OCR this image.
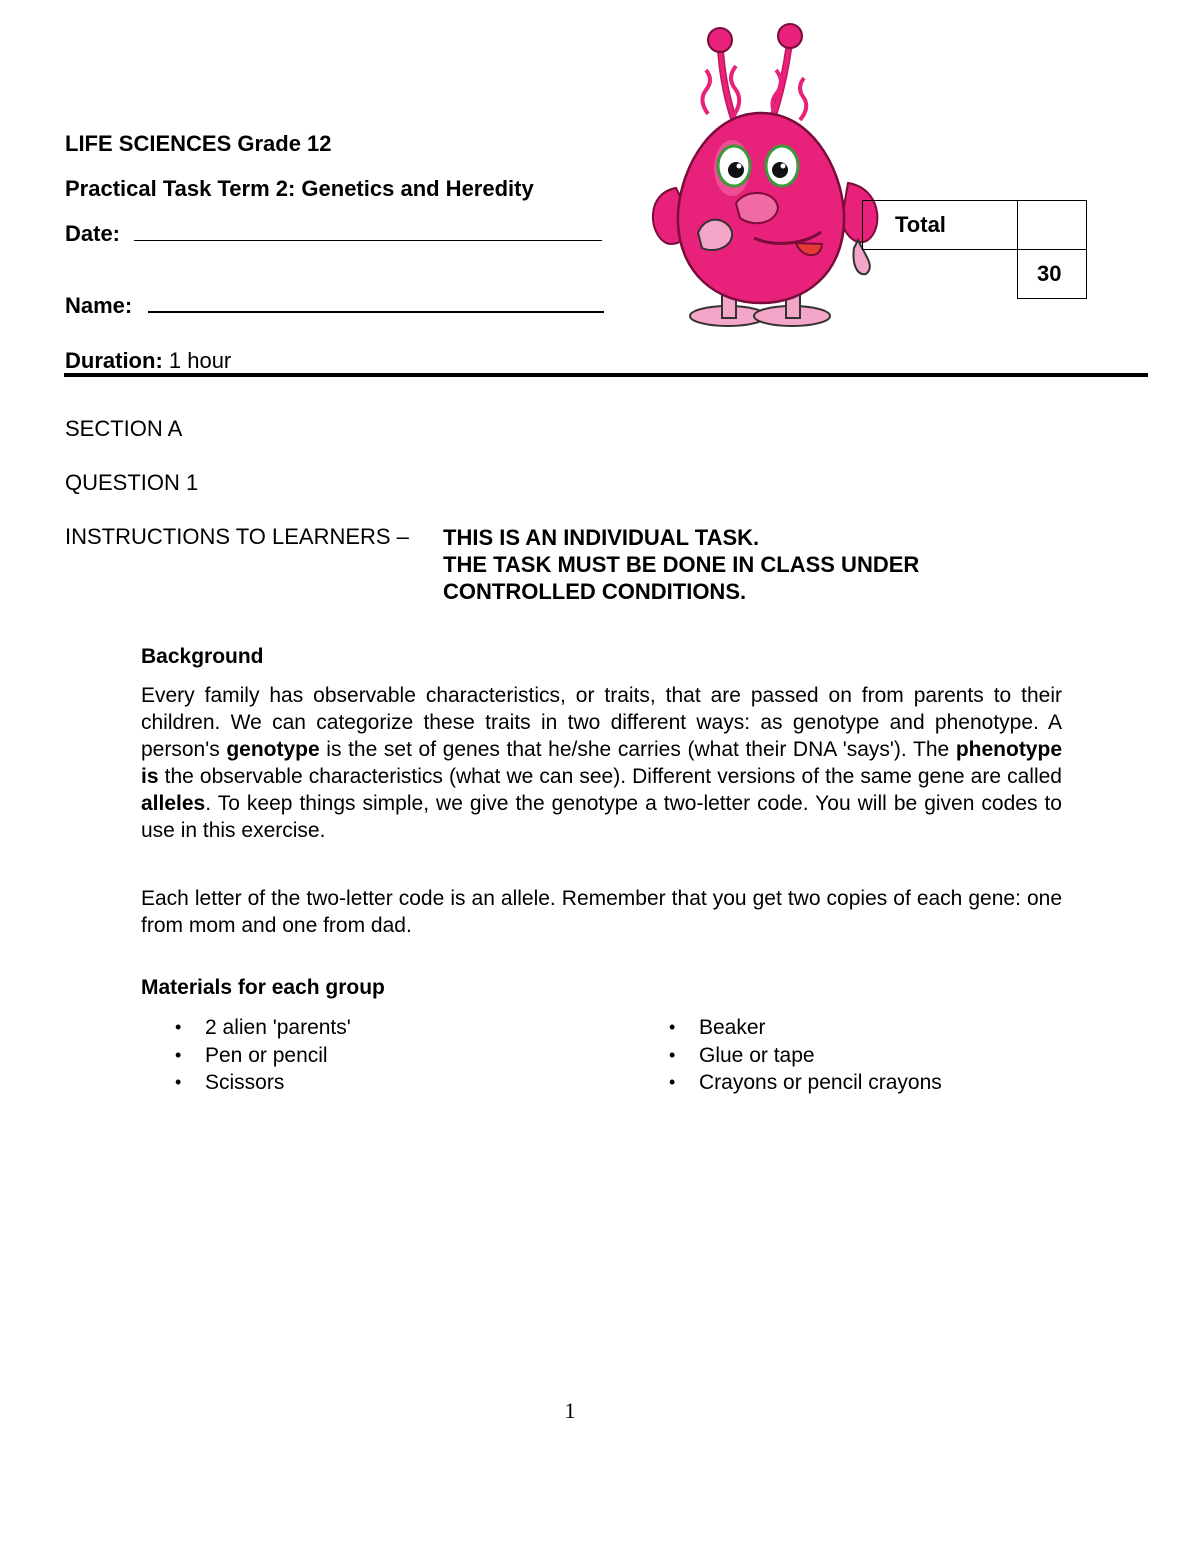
LIFE SCIENCES Grade 12
Practical Task Term 2: Genetics and Heredity
Date:
Name:
Duration: 1 hour
Total	
	30
SECTION A
QUESTION 1
INSTRUCTIONS TO LEARNERS – THIS IS AN INDIVIDUAL TASK.
THE TASK MUST BE DONE IN CLASS UNDER
CONTROLLED CONDITIONS.
Background
Every family has observable characteristics, or traits, that are passed on from parents to their children. We can categorize these traits in two different ways: as genotype and phenotype. A person's genotype is the set of genes that he/she carries (what their DNA 'says'). The phenotype is the observable characteristics (what we can see). Different versions of the same gene are called alleles. To keep things simple, we give the genotype a two-letter code. You will be given codes to use in this exercise.
Each letter of the two-letter code is an allele. Remember that you get two copies of each gene: one from mom and one from dad.
Materials for each group
• 2 alien 'parents'
• Pen or pencil
• Scissors
• Beaker
• Glue or tape
• Crayons or pencil crayons
1
